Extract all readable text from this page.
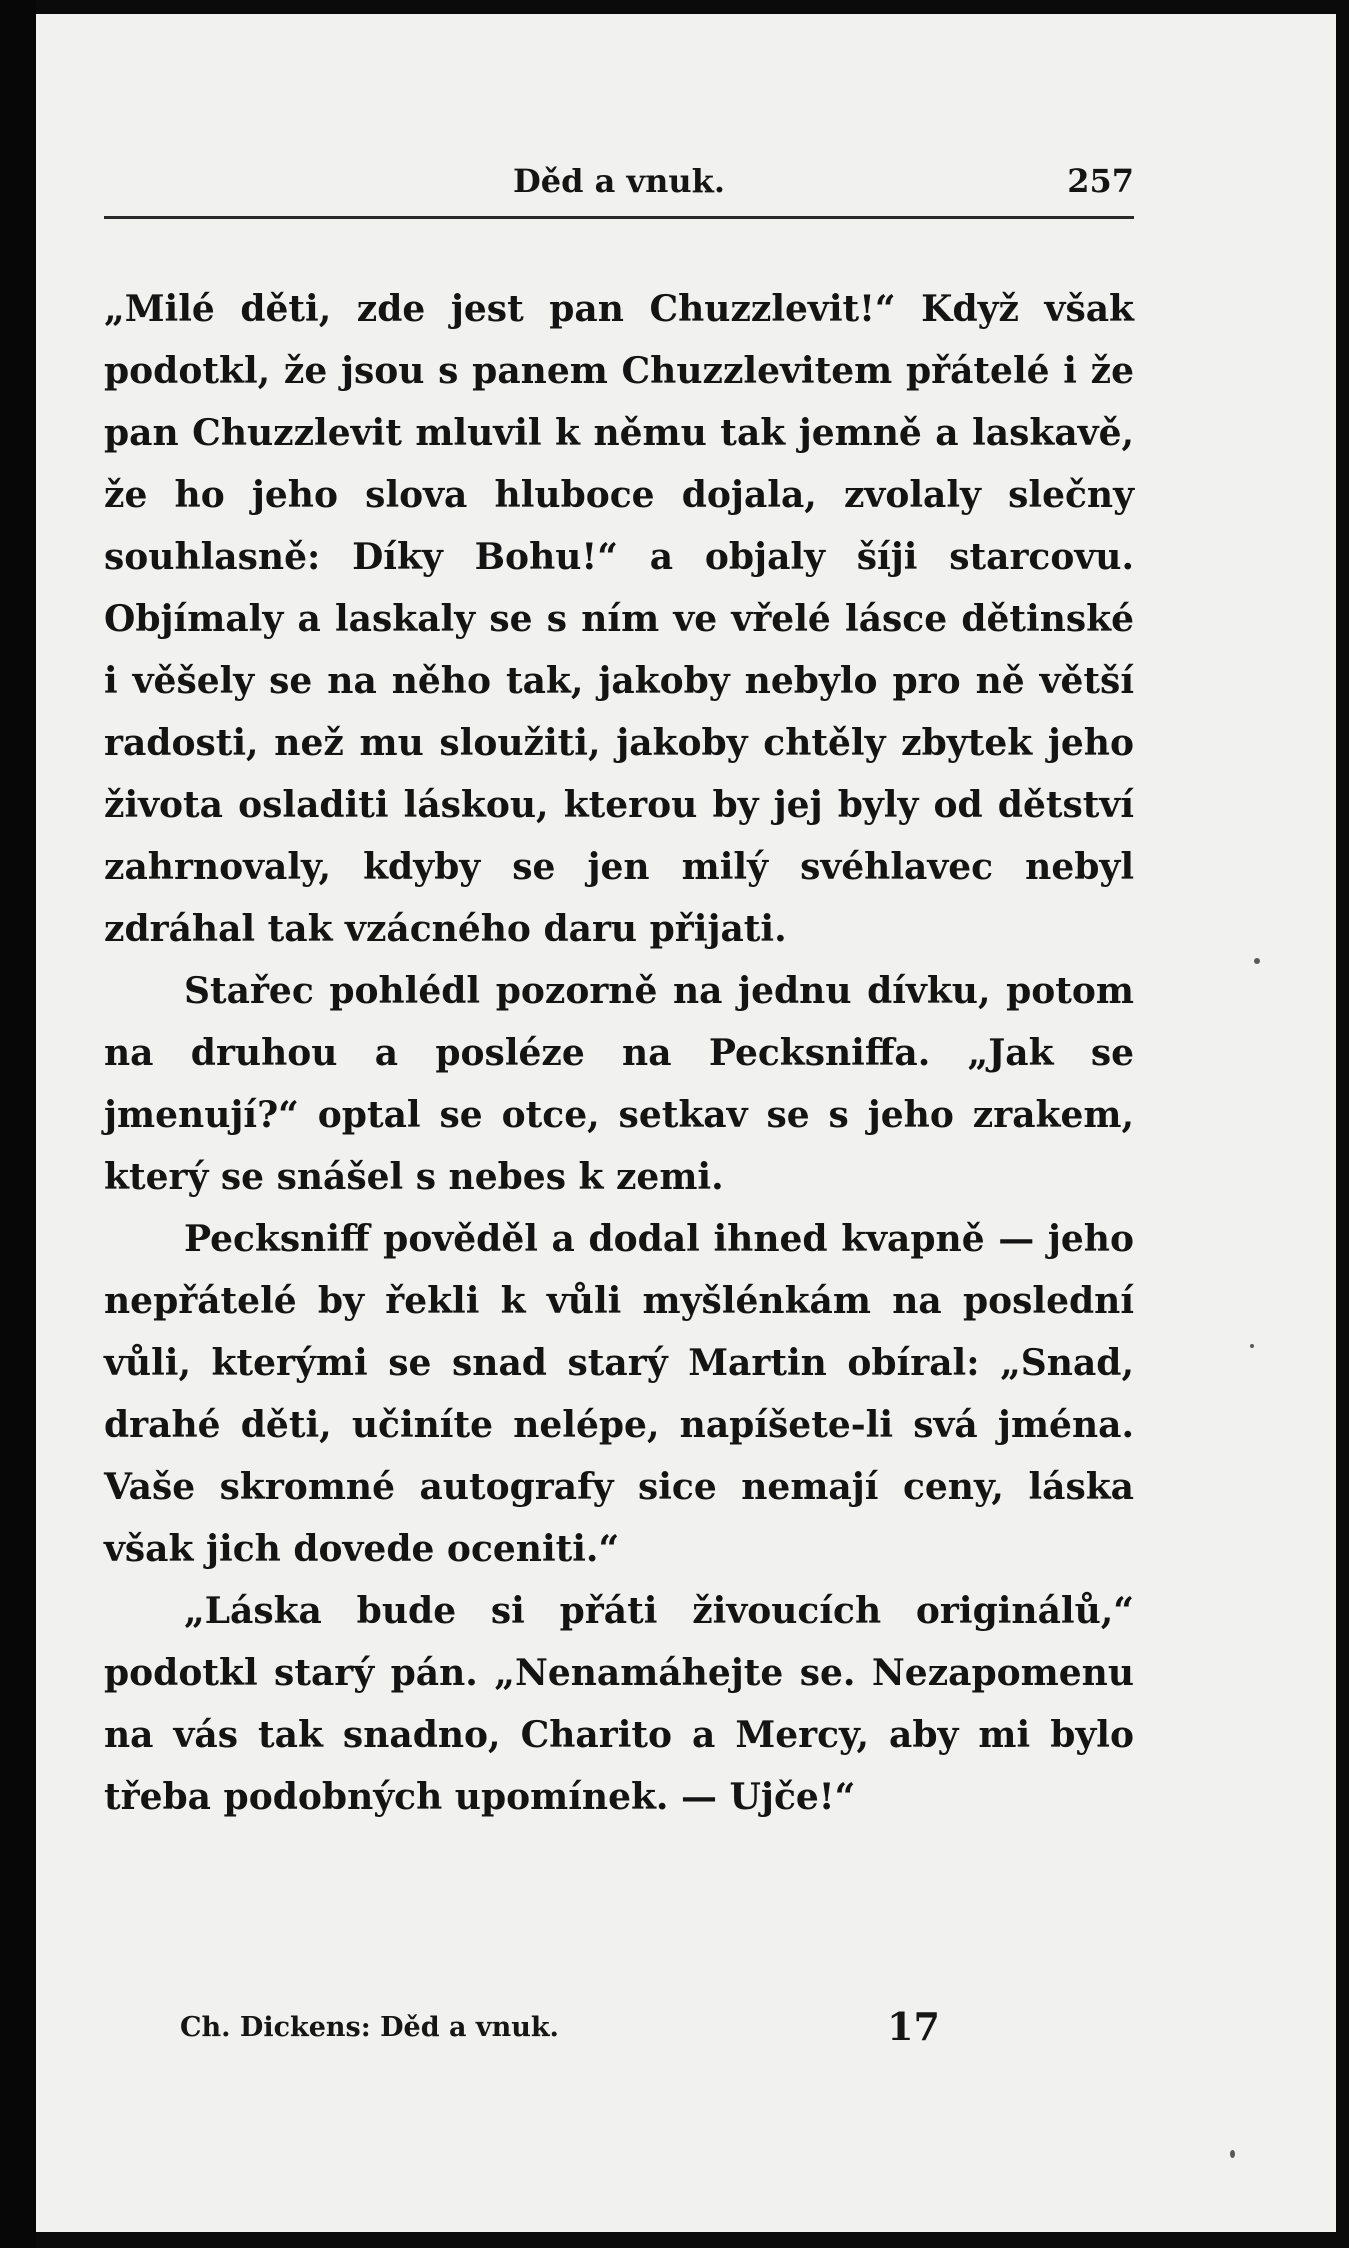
Děd a vnuk.	257

„Milé děti, zde jest pan Chuzzlevit!“ Když však podotkl, že jsou s panem Chuzzlevitem přátelé i že pan Chuzzlevit mluvil k němu tak jemně a laskavě, že ho jeho slova hluboce dojala, zvolaly slečny souhlasně: Díky Bohu!“ a objaly šíji starcovu. Objímaly a laskaly se s ním ve vřelé lásce dětinské i věšely se na něho tak, jakoby nebylo pro ně větší radosti, než mu sloužiti, jakoby chtěly zbytek jeho života osladiti láskou, kterou by jej byly od dětství zahrnovaly, kdyby se jen milý svéhlavec nebyl zdráhal tak vzácného daru přijati.

Stařec pohlédl pozorně na jednu dívku, potom na druhou a posléze na Pecksniffa. „Jak se jmenují?“ optal se otce, setkav se s jeho zrakem, který se snášel s nebes k zemi.

Pecksniff pověděl a dodal ihned kvapně — jeho nepřátelé by řekli k vůli myšlénkám na poslední vůli, kterými se snad starý Martin obíral: „Snad, drahé děti, učiníte nelépe, napíšete-li svá jména. Vaše skromné autografy sice nemají ceny, láska však jich dovede oceniti.“

„Láska bude si přáti živoucích originálů,“ podotkl starý pán. „Nenamáhejte se. Nezapomenu na vás tak snadno, Charito a Mercy, aby mi bylo třeba podobných upomínek. — Ujče!“

Ch. Dickens: Děd a vnuk.	17
